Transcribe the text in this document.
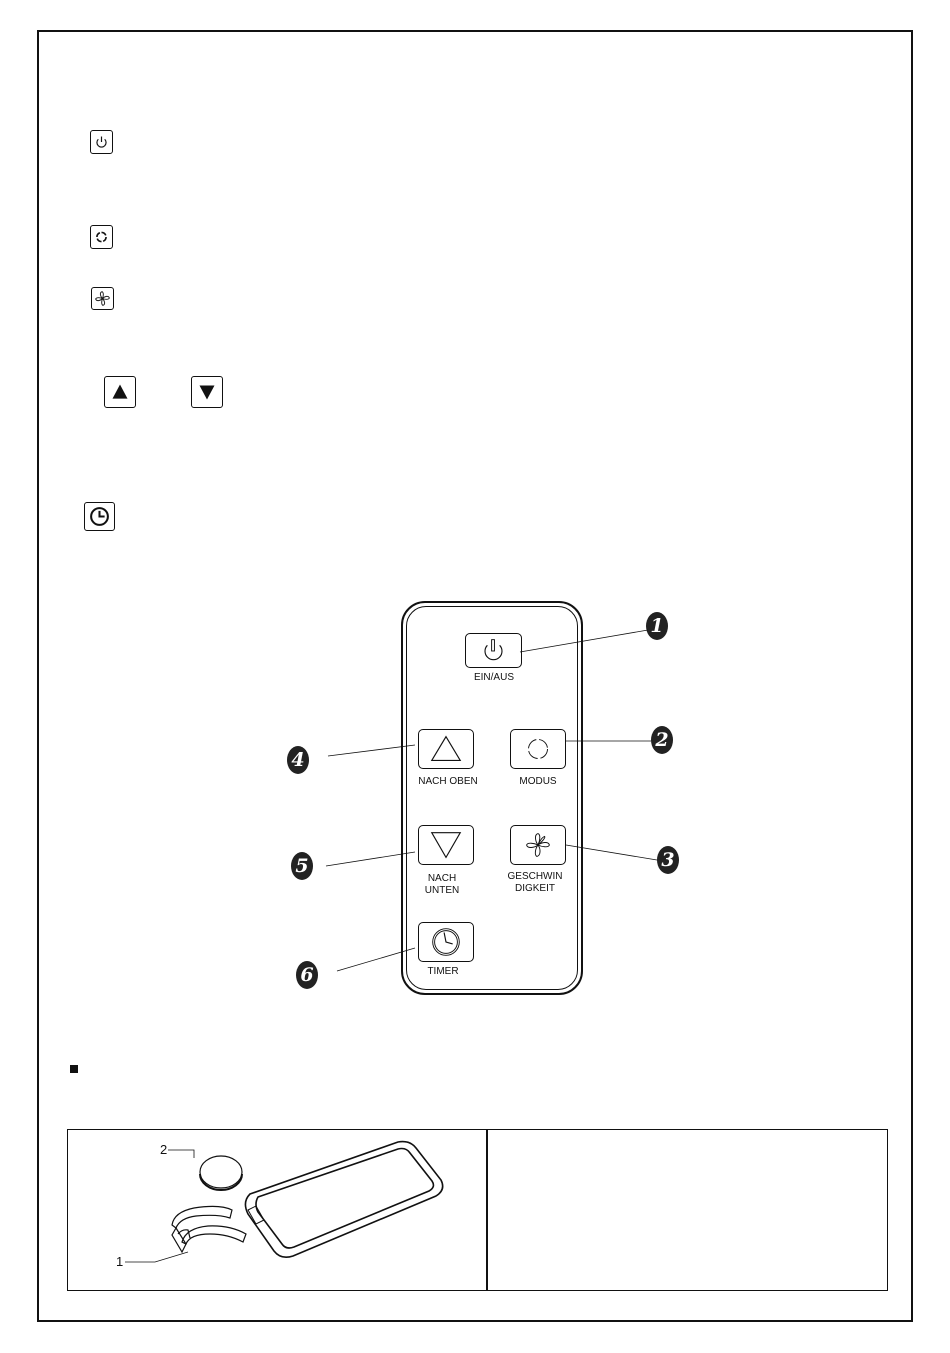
EIN/AUS
NACH OBEN	MODUS
NACH
UNTEN
GESCHWIN
DIGKEIT
TIMER
1
2
3
4
5
6
2
1
